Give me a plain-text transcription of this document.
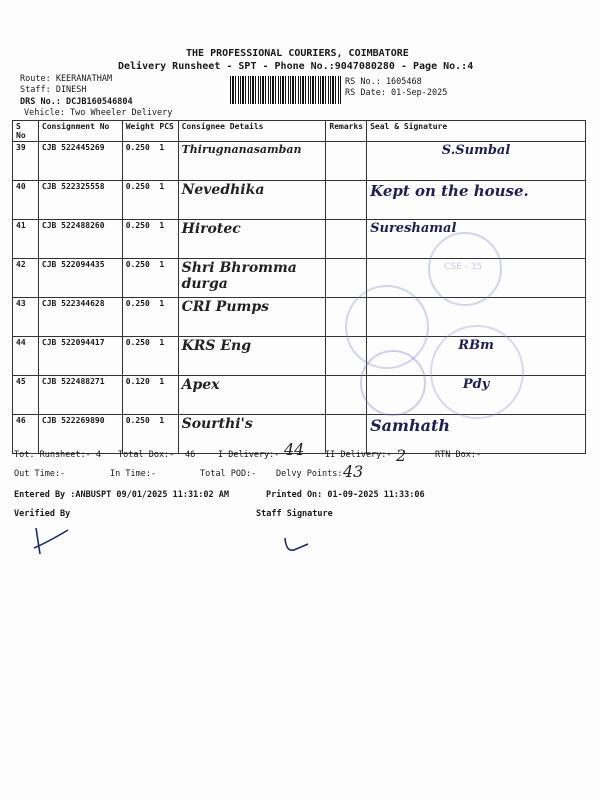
THE PROFESSIONAL COURIERS, COIMBATORE
Delivery Runsheet - SPT - Phone No.:9047080280 - Page No.:4
Route: KEERANATHAM
Staff: DINESH
DRS No.: DCJB160546804
Vehicle: Two Wheeler Delivery
RS No.: 1605468
RS Date: 01-Sep-2025
S No	Consignment No	Weight PCS	Consignee Details	Remarks	Seal & Signature
39	CJB 522445269	0.250 1	Thirugnanasamban		S.Sumbal
40	CJB 522325558	0.250 1	Nevedhika		Kept on the house.
41	CJB 522488260	0.250 1	Hirotec		Sureshamal
42	CJB 522094435	0.250 1	Shri Bhromma durga		
43	CJB 522344628	0.250 1	CRI Pumps		
44	CJB 522094417	0.250 1	KRS Eng		RBm
45	CJB 522488271	0.120 1	Apex		Pdy
46	CJB 522269890	0.250 1	Sourthi's		Samhath
CSE - 35
Tot. Runsheet:- 4 Total Dox:- 46	I Delivery:- 44 II Delivery:- 2	RTN Dox:-
Out Time:-	In Time:-	Total POD:- Delvy Points:-
43
Entered By :ANBUSPT 09/01/2025 11:31:02 AM	Printed On: 01-09-2025 11:33:06
Verified By	Staff Signature
